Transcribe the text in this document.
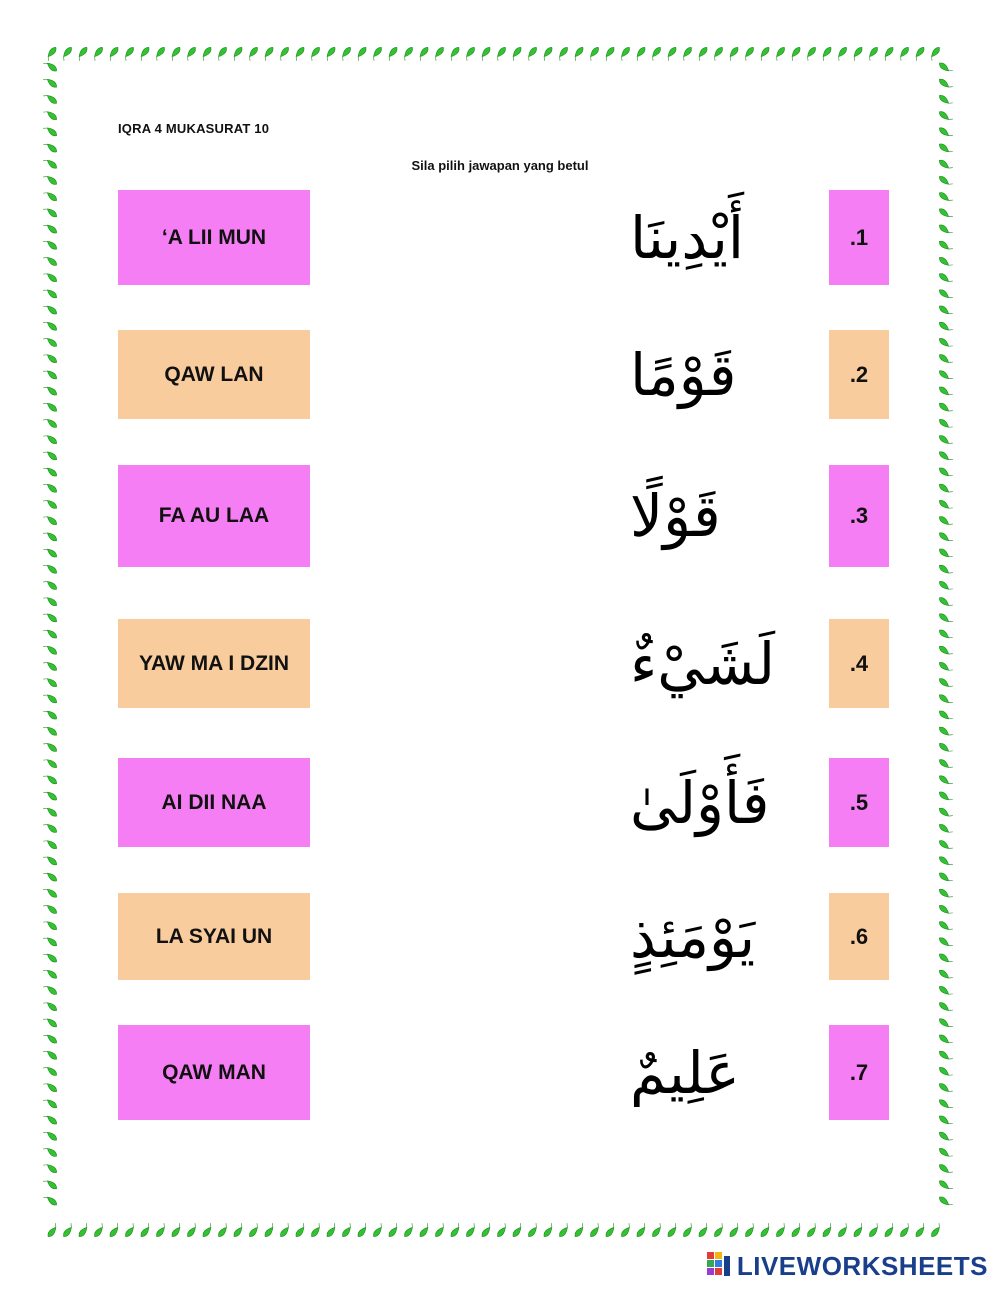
IQRA 4 MUKASURAT 10
Sila pilih jawapan yang betul
‘A LII MUN
QAW LAN
FA AU LAA
YAW MA I DZIN
AI DII NAA
LA SYAI UN
QAW MAN
أَيْدِينَا
قَوْمًا
قَوْلًا
لَشَيْءٌ
فَأَوْلَىٰ
يَوْمَئِذٍ
عَلِيمٌ
.1
.2
.3
.4
.5
.6
.7
LIVEWORKSHEETS
